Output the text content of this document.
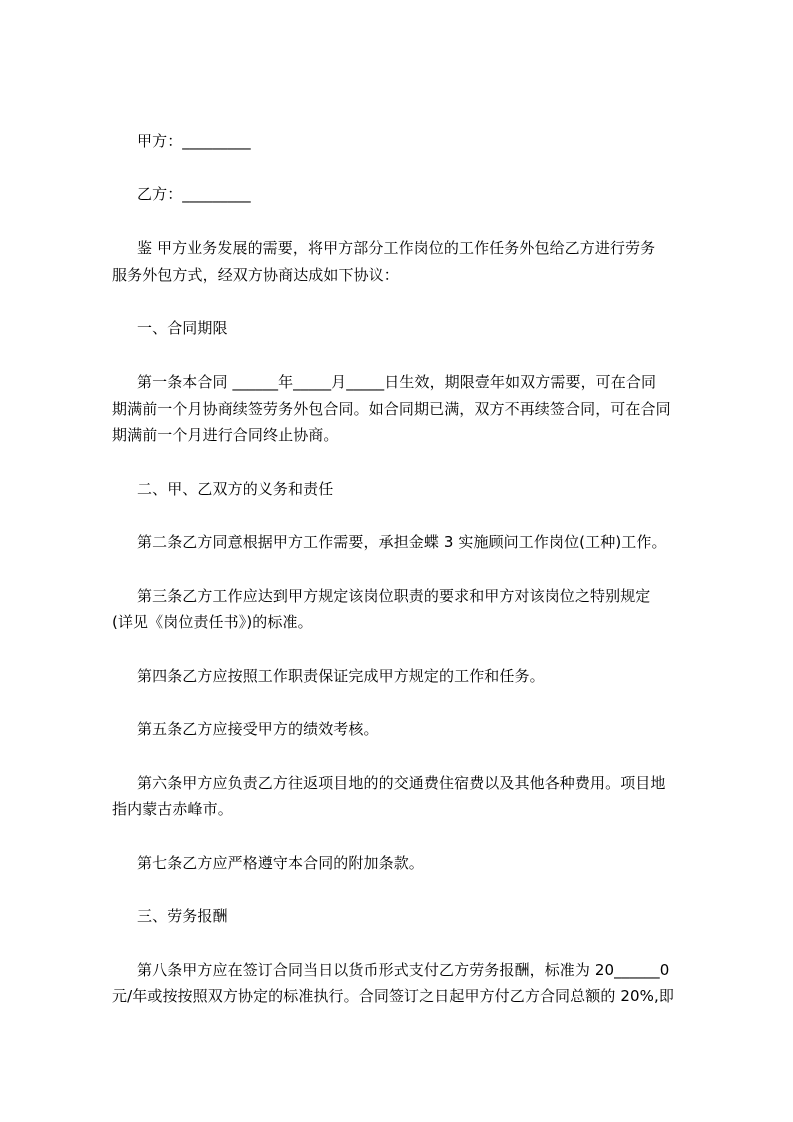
甲方：_________

乙方：_________

鉴 甲方业务发展的需要，将甲方部分工作岗位的工作任务外包给乙方进行劳务

服务外包方式，经双方协商达成如下协议：

一、合同期限

第一条本合同 ______年_____月_____日生效，期限壹年如双方需要，可在合同

期满前一个月协商续签劳务外包合同。如合同期已满，双方不再续签合同，可在合同

期满前一个月进行合同终止协商。

二、甲、乙双方的义务和责任

第二条乙方同意根据甲方工作需要，承担金蝶 3 实施顾问工作岗位(工种)工作。

第三条乙方工作应达到甲方规定该岗位职责的要求和甲方对该岗位之特别规定

(详见《岗位责任书》)的标准。

第四条乙方应按照工作职责保证完成甲方规定的工作和任务。

第五条乙方应接受甲方的绩效考核。

第六条甲方应负责乙方往返项目地的的交通费住宿费以及其他各种费用。项目地

指内蒙古赤峰市。

第七条乙方应严格遵守本合同的附加条款。

三、劳务报酬

第八条甲方应在签订合同当日以货币形式支付乙方劳务报酬，标准为 20______0

元/年或按按照双方协定的标准执行。合同签订之日起甲方付乙方合同总额的 20%,即
